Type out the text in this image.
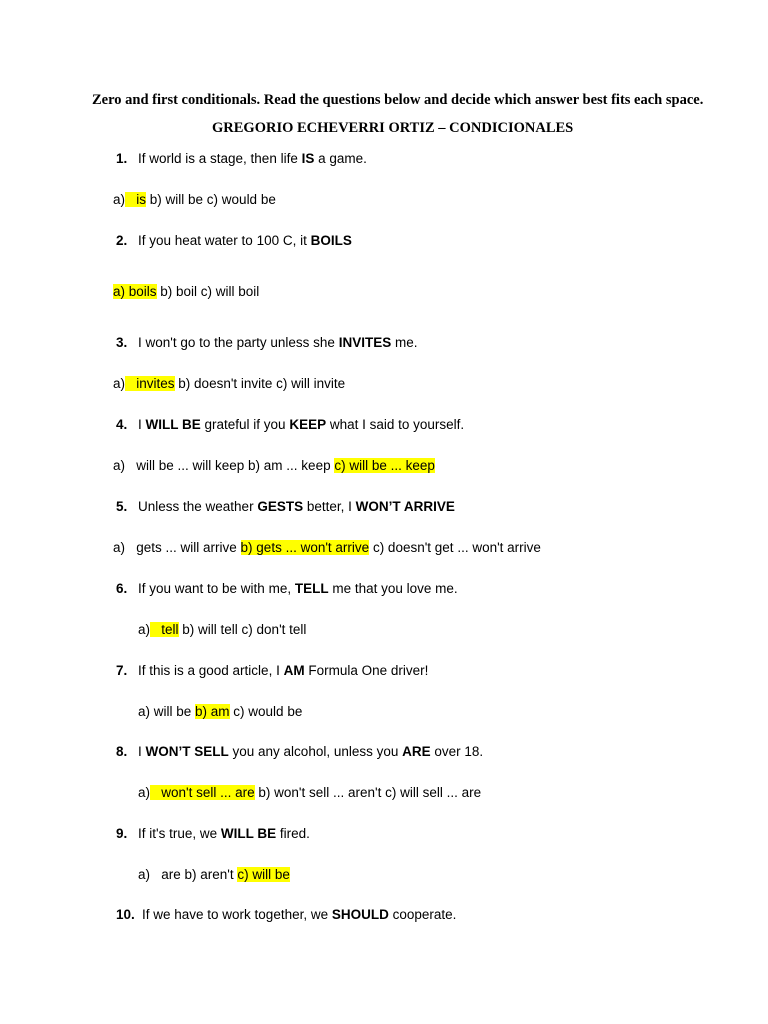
Zero and first conditionals. Read the questions below and decide which answer best fits each space.
GREGORIO ECHEVERRI ORTIZ – CONDICIONALES
1. If world is a stage, then life IS a game.
a)   is b) will be c) would be
2. If you heat water to 100 C, it BOILS
a) boils b) boil c) will boil
3. I won't go to the party unless she INVITES me.
a)   invites b) doesn't invite c) will invite
4. I WILL BE grateful if you KEEP what I said to yourself.
a)   will be ... will keep b) am ... keep c) will be ... keep
5. Unless the weather GESTS better, I WON’T ARRIVE
a)   gets ... will arrive b) gets ... won't arrive c) doesn't get ... won't arrive
6. If you want to be with me, TELL me that you love me.
a)   tell b) will tell c) don't tell
7. If this is a good article, I AM Formula One driver!
a) will be b) am c) would be
8. I WON’T SELL you any alcohol, unless you ARE over 18.
a)   won't sell ... are b) won't sell ... aren't c) will sell ... are
9. If it's true, we WILL BE fired.
a)   are b) aren't c) will be
10. If we have to work together, we SHOULD cooperate.
